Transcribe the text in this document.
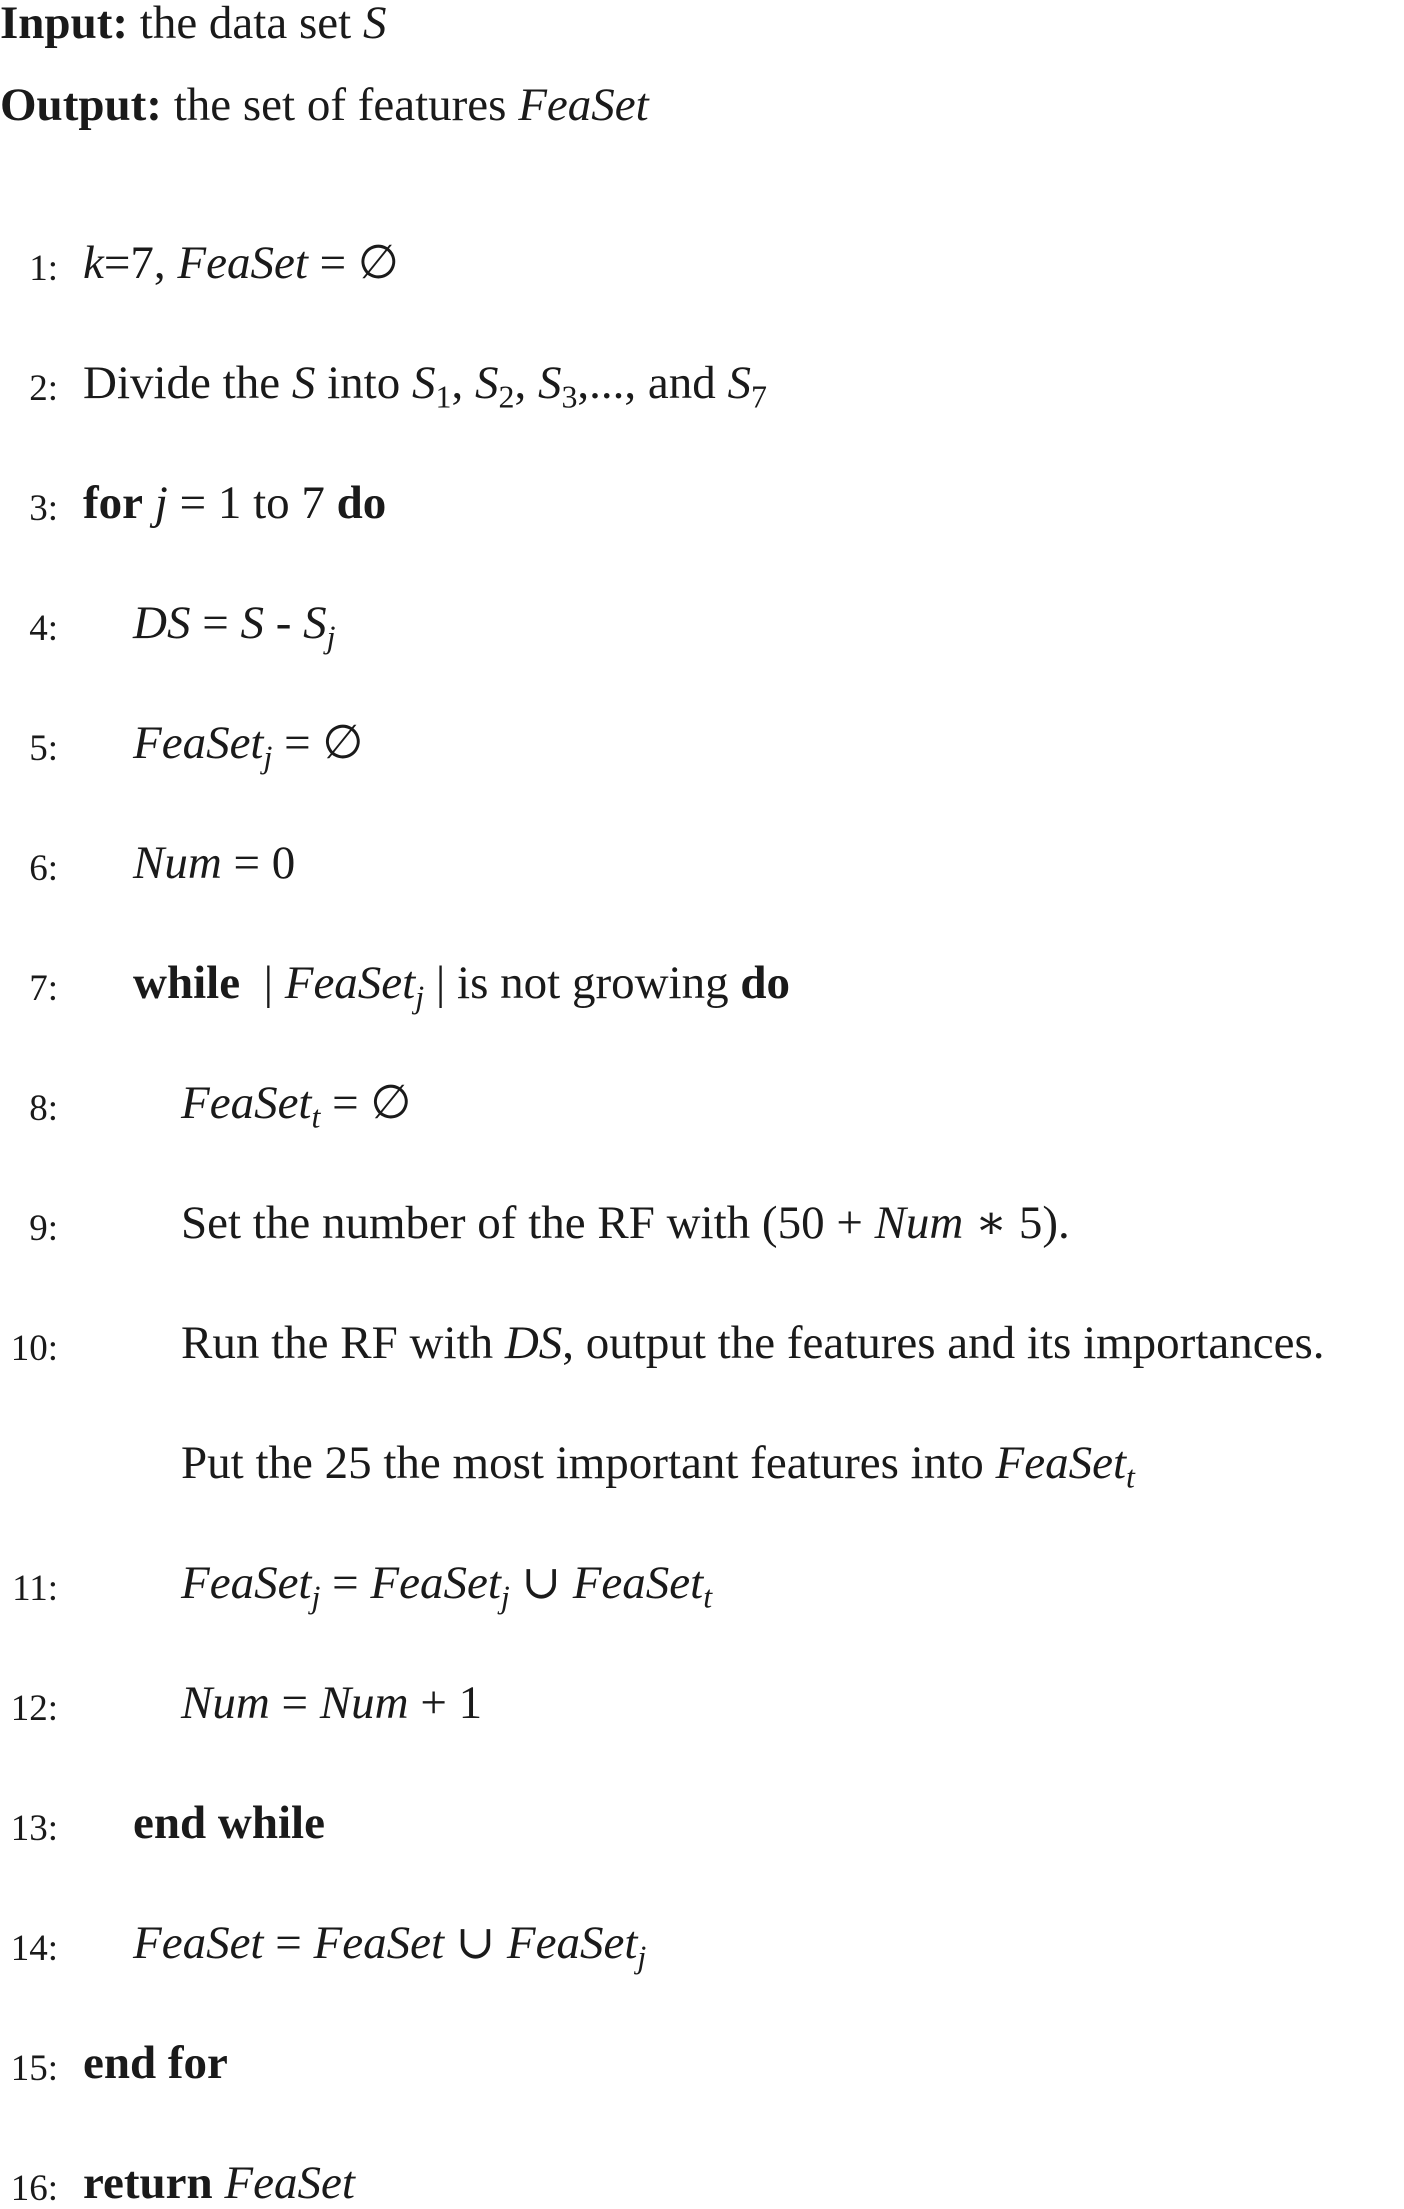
Input: the data set S
Output: the set of features FeaSet
1: k=7, FeaSet = ∅
2: Divide the S into $S_1$, $S_2$, $S_3$,..., and $S_7$
3: for j = 1 to 7 do
4: DS = S - $S_j$
5: FeaSet$_j$ = ∅
6: Num = 0
7: while  | FeaSet$_j$ | is not growing do
8:	FeaSet$_t$ = ∅
9:	Set the number of the RF with (50 + Num ∗ 5).
10:	Run the RF with DS, output the features and its importances.
Put the 25 the most important features into FeaSet$_t$
11:	FeaSet$_j$ = FeaSet$_j$ ∪ FeaSet$_t$
12:	Num = Num + 1
13: end while
14: FeaSet = FeaSet ∪ FeaSet$_j$
15: end for
16: return FeaSet
